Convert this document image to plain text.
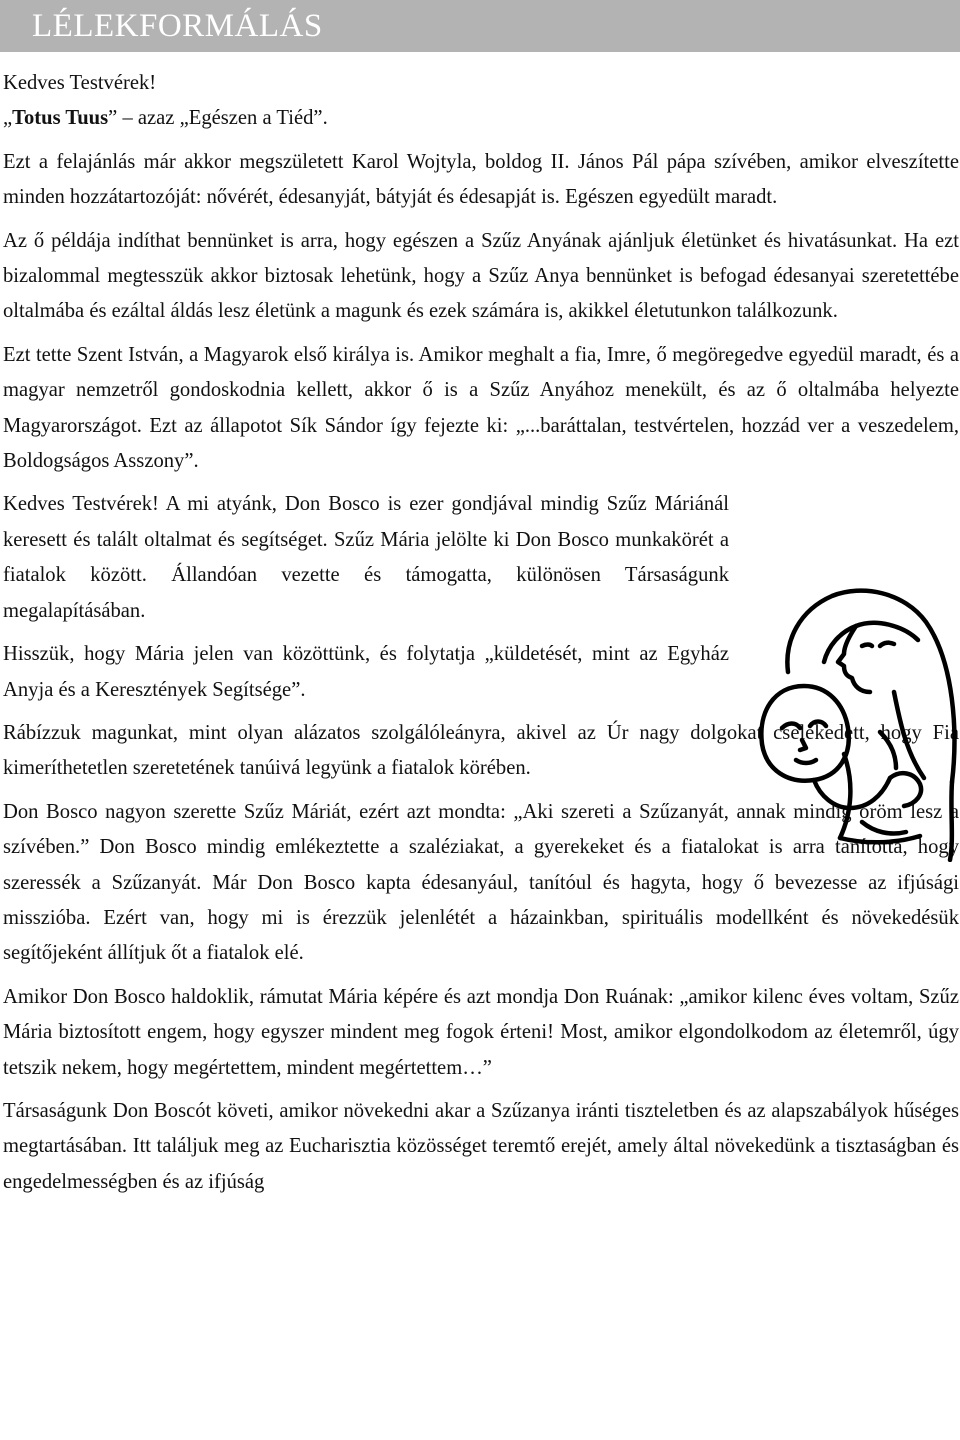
LÉLEKFORMÁLÁS

Kedves Testvérek!

„Totus Tuus” – azaz „Egészen a Tiéd”.

Ezt a felajánlás már akkor megszületett Karol Wojtyla, boldog II. János Pál pápa szívében, amikor elveszítette minden hozzátartozóját: nővérét, édesanyját, bátyját és édesapját is. Egészen egyedült maradt.

Az ő példája indíthat bennünket is arra, hogy egészen a Szűz Anyának ajánljuk életünket és hivatásunkat. Ha ezt bizalommal megtesszük akkor biztosak lehetünk, hogy a Szűz Anya bennünket is befogad édesanyai szeretettébe oltalmába és ezáltal áldás lesz életünk a magunk és ezek számára is, akikkel életutunkon találkozunk.

Ezt tette Szent István, a Magyarok első királya is. Amikor meghalt a fia, Imre, ő megöregedve egyedül maradt, és a magyar nemzetről gondoskodnia kellett, akkor ő is a Szűz Anyához menekült, és az ő oltalmába helyezte Magyarországot. Ezt az állapotot Sík Sándor így fejezte ki: „...baráttalan, testvértelen, hozzád ver a veszedelem, Boldogságos Asszony”.

Kedves Testvérek! A mi atyánk, Don Bosco is ezer gondjával mindig Szűz Máriánál keresett és talált oltalmat és segítséget. Szűz Mária jelölte ki Don Bosco munkakörét a fiatalok között. Állandóan vezette és támogatta, különösen Társaságunk megalapításában.

Hisszük, hogy Mária jelen van közöttünk, és folytatja „küldetését, mint az Egyház Anyja és a Keresztények Segítsége”.

Rábízzuk magunkat, mint olyan alázatos szolgálóleányra, akivel az Úr nagy dolgokat cselekedett, hogy Fia kimeríthetetlen szeretetének tanúivá legyünk a fiatalok körében.

Don Bosco nagyon szerette Szűz Máriát, ezért azt mondta: „Aki szereti a Szűzanyát, annak mindig öröm lesz a szívében.” Don Bosco mindig emlékeztette a szaléziakat, a gyerekeket és a fiatalokat is arra tanította, hogy szeressék a Szűzanyát. Már Don Bosco kapta édesanyául, tanítóul és hagyta, hogy ő bevezesse az ifjúsági misszióba. Ezért van, hogy mi is érezzük jelenlétét a házainkban, spirituális modellként és növekedésük segítőjeként állítjuk őt a fiatalok elé.

Amikor Don Bosco haldoklik, rámutat Mária képére és azt mondja Don Ruának: „amikor kilenc éves voltam, Szűz Mária biztosított engem, hogy egyszer mindent meg fogok érteni! Most, amikor elgondolkodom az életemről, úgy tetszik nekem, hogy megértettem, mindent megértettem…”

Társaságunk Don Boscót követi, amikor növekedni akar a Szűzanya iránti tiszteletben és az alapszabályok hűséges megtartásában. Itt találjuk meg az Eucharisztia közösséget teremtő erejét, amely által növekedünk a tisztaságban és engedelmességben és az ifjúság
